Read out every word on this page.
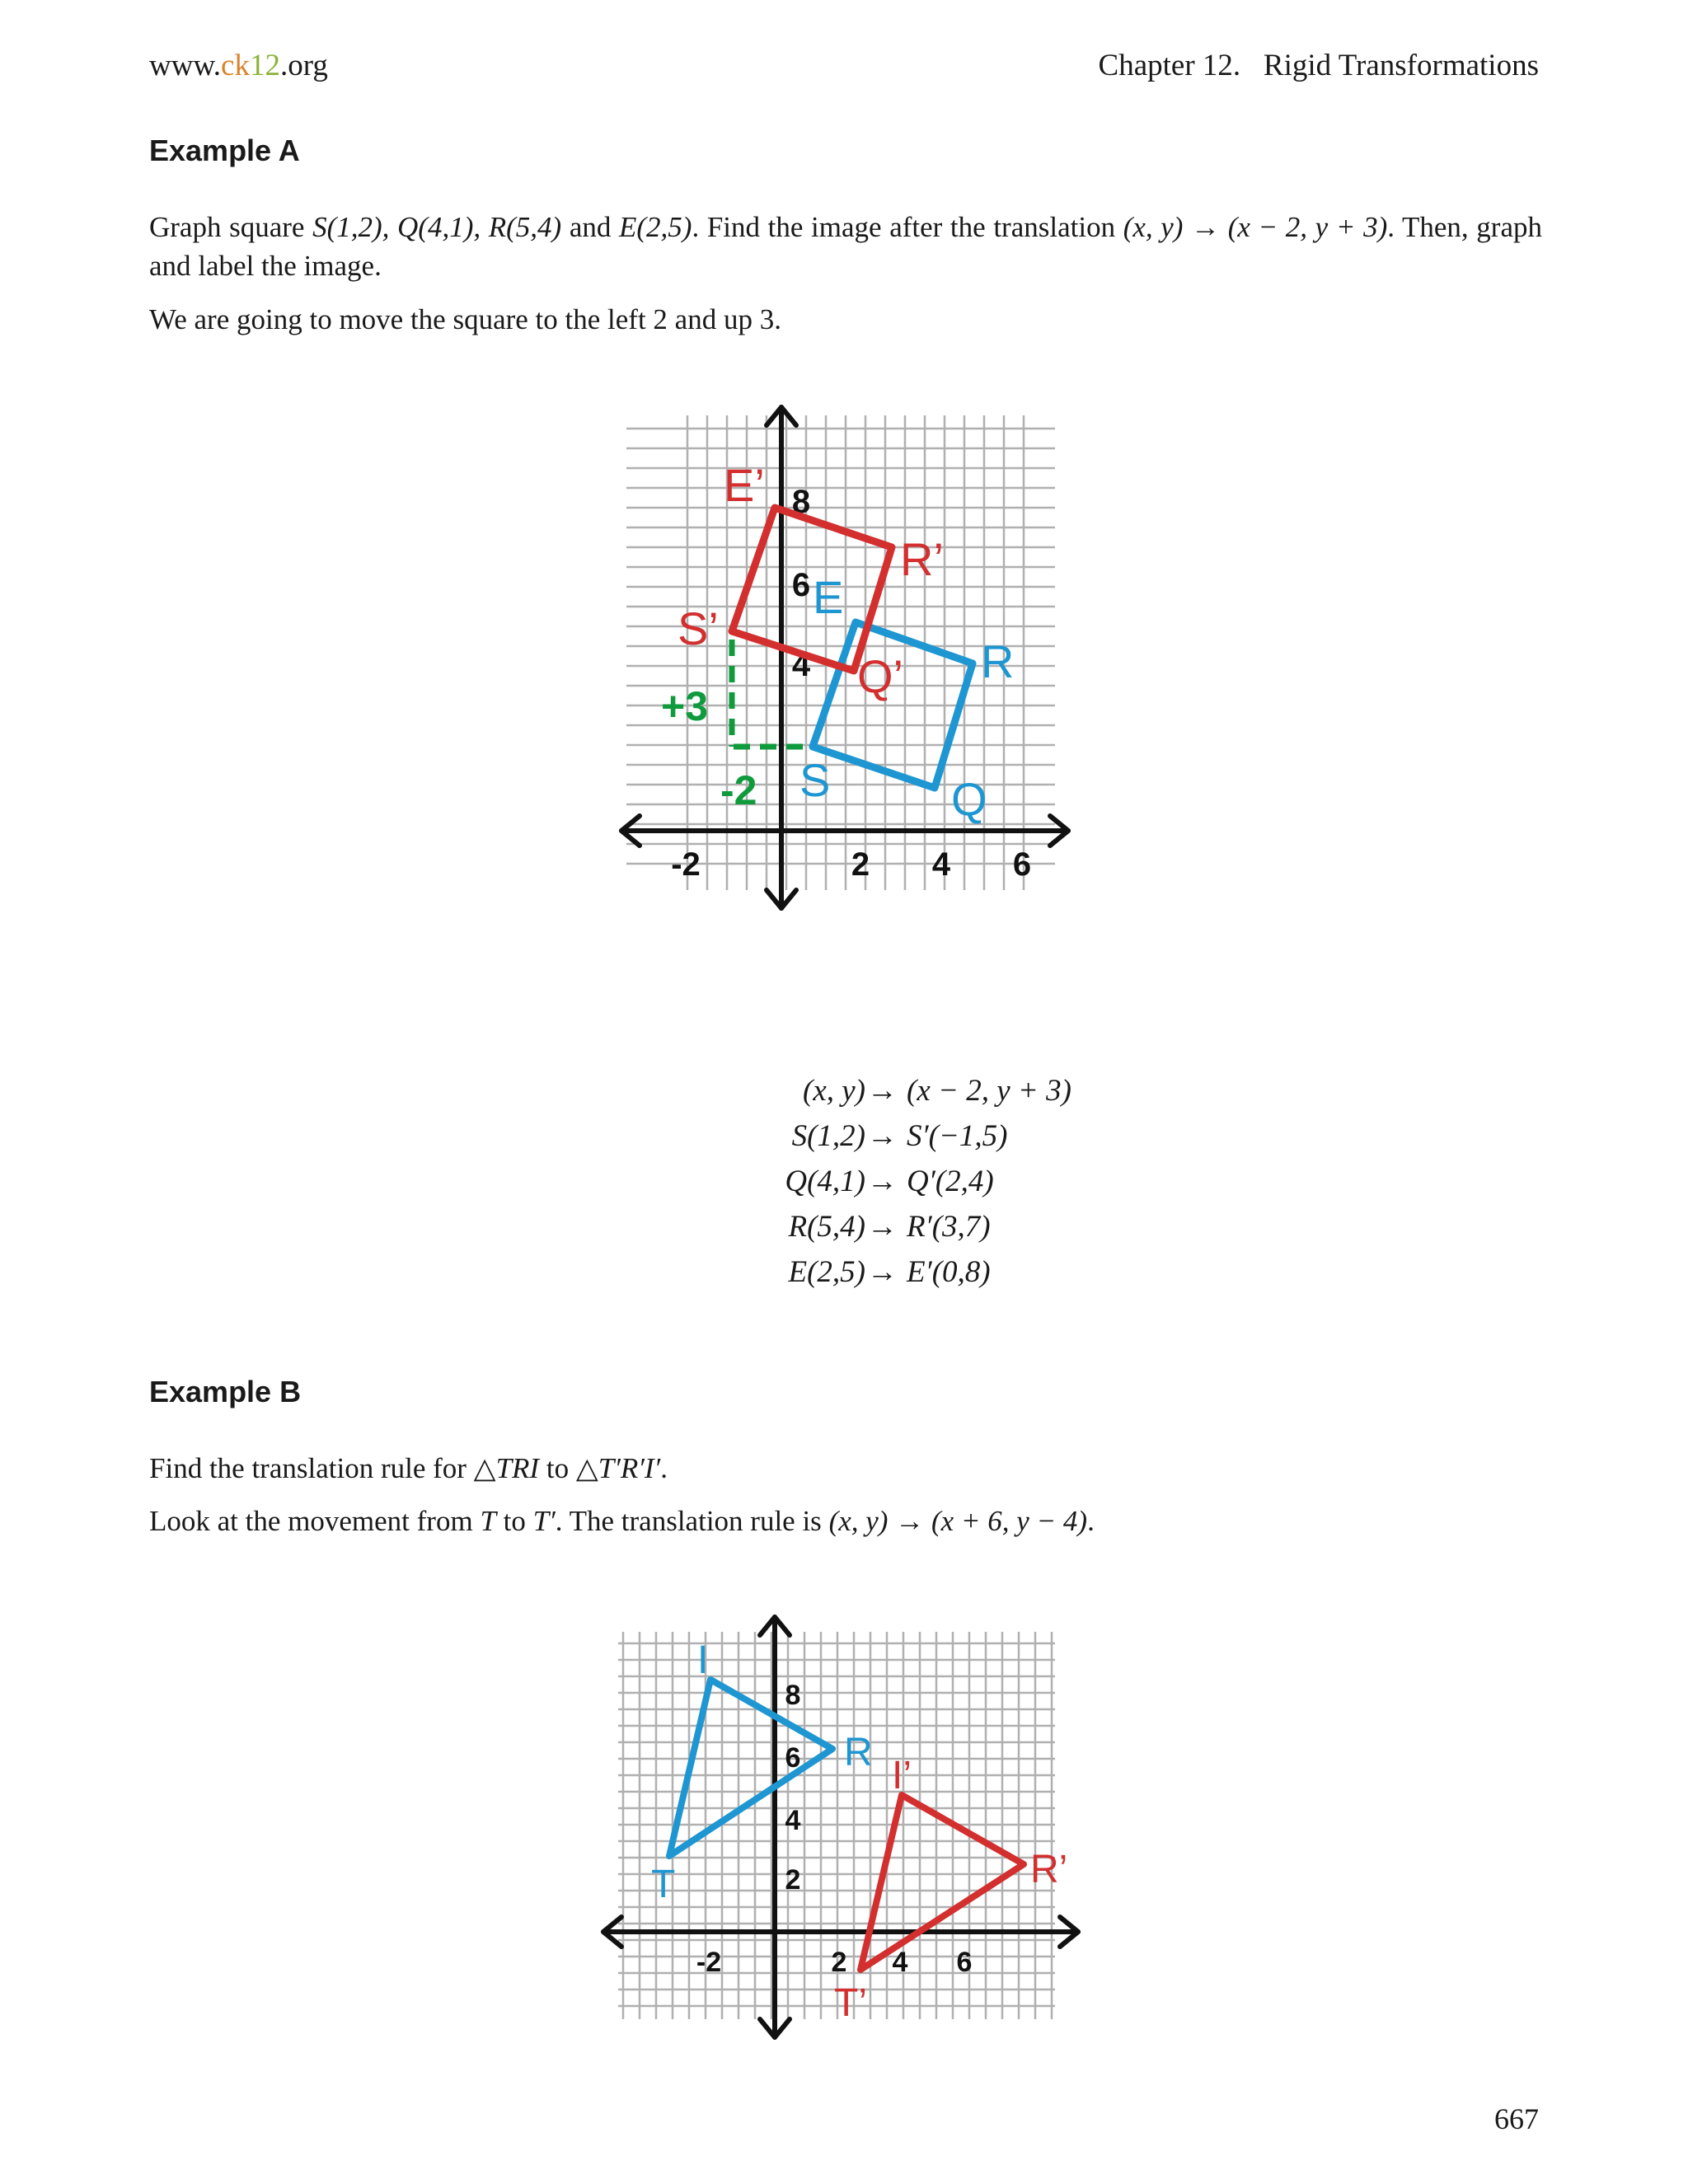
www.ck12.org	Chapter 12.   Rigid Transformations
Example A
Graph square S(1,2), Q(4,1), R(5,4) and E(2,5). Find the image after the translation (x, y) → (x − 2, y + 3). Then, graph and label the image.
We are going to move the square to the left 2 and up 3.
-2	2 4 6
8
6
4
S	Q
R
E
S’
Q’
R’
E’
+3
-2
(x, y) → (x − 2, y + 3)
S(1,2) → S′(−1,5)
Q(4,1) → Q′(2,4)
R(5,4) → R′(3,7)
E(2,5) → E′(0,8)
Example B
Find the translation rule for △TRI to △T′R′I′.
Look at the movement from T to T′. The translation rule is (x, y) → (x + 6, y − 4).
-2	2 4 6
8
6
4
2
T
R
I
T’
R’
I’
667
